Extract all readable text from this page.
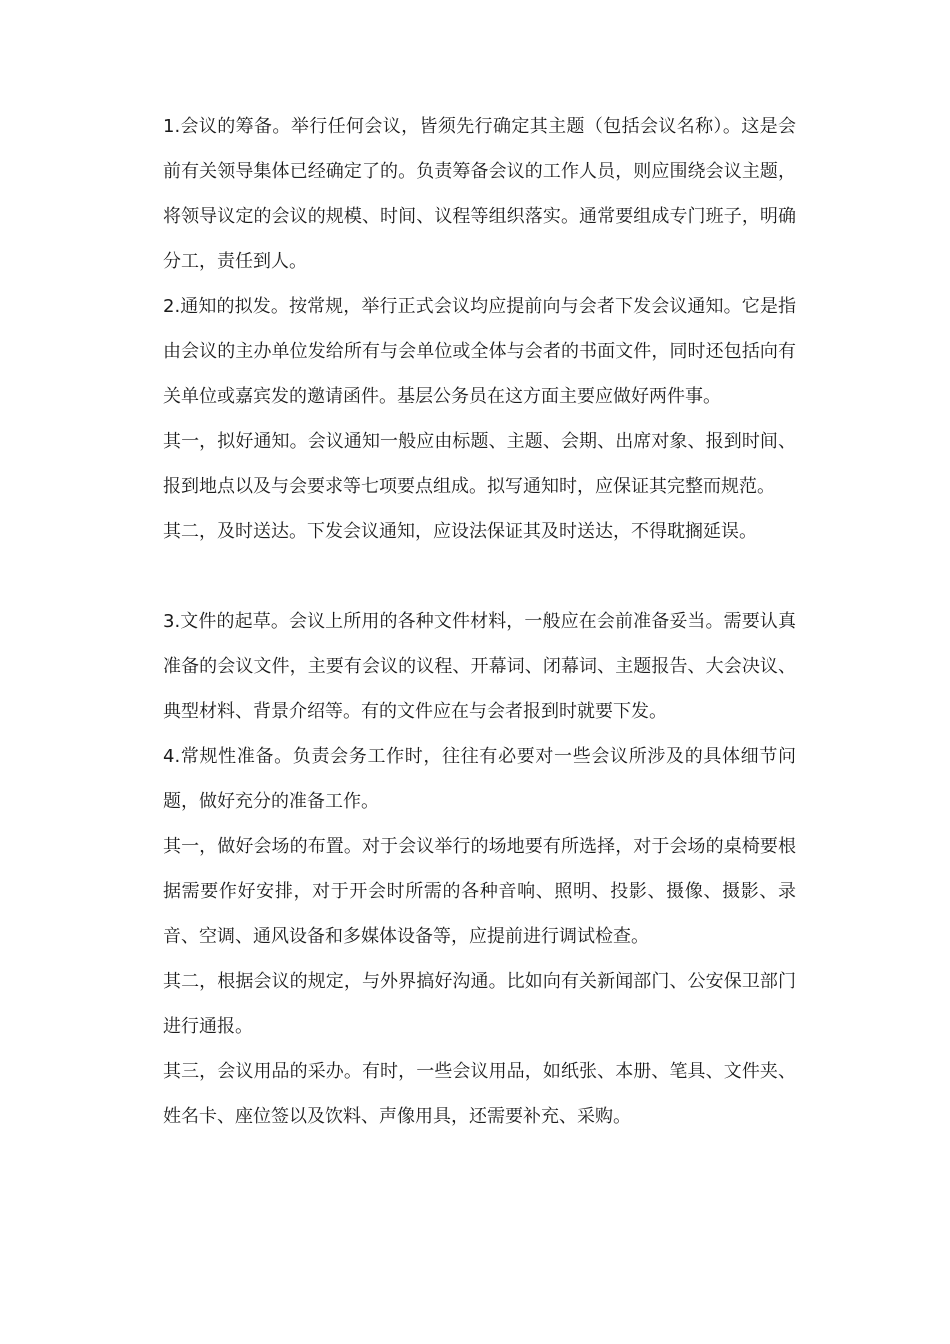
1.会议的筹备。举行任何会议，皆须先行确定其主题（包括会议名称）。这是会前有关领导集体已经确定了的。负责筹备会议的工作人员，则应围绕会议主题，将领导议定的会议的规模、时间、议程等组织落实。通常要组成专门班子，明确分工，责任到人。

2.通知的拟发。按常规，举行正式会议均应提前向与会者下发会议通知。它是指由会议的主办单位发给所有与会单位或全体与会者的书面文件，同时还包括向有关单位或嘉宾发的邀请函件。基层公务员在这方面主要应做好两件事。

其一，拟好通知。会议通知一般应由标题、主题、会期、出席对象、报到时间、报到地点以及与会要求等七项要点组成。拟写通知时，应保证其完整而规范。

其二，及时送达。下发会议通知，应设法保证其及时送达，不得耽搁延误。

3.文件的起草。会议上所用的各种文件材料，一般应在会前准备妥当。需要认真准备的会议文件，主要有会议的议程、开幕词、闭幕词、主题报告、大会决议、典型材料、背景介绍等。有的文件应在与会者报到时就要下发。

4.常规性准备。负责会务工作时，往往有必要对一些会议所涉及的具体细节问题，做好充分的准备工作。

其一，做好会场的布置。对于会议举行的场地要有所选择，对于会场的桌椅要根据需要作好安排，对于开会时所需的各种音响、照明、投影、摄像、摄影、录音、空调、通风设备和多媒体设备等，应提前进行调试检查。

其二，根据会议的规定，与外界搞好沟通。比如向有关新闻部门、公安保卫部门进行通报。

其三，会议用品的采办。有时，一些会议用品，如纸张、本册、笔具、文件夹、姓名卡、座位签以及饮料、声像用具，还需要补充、采购。
